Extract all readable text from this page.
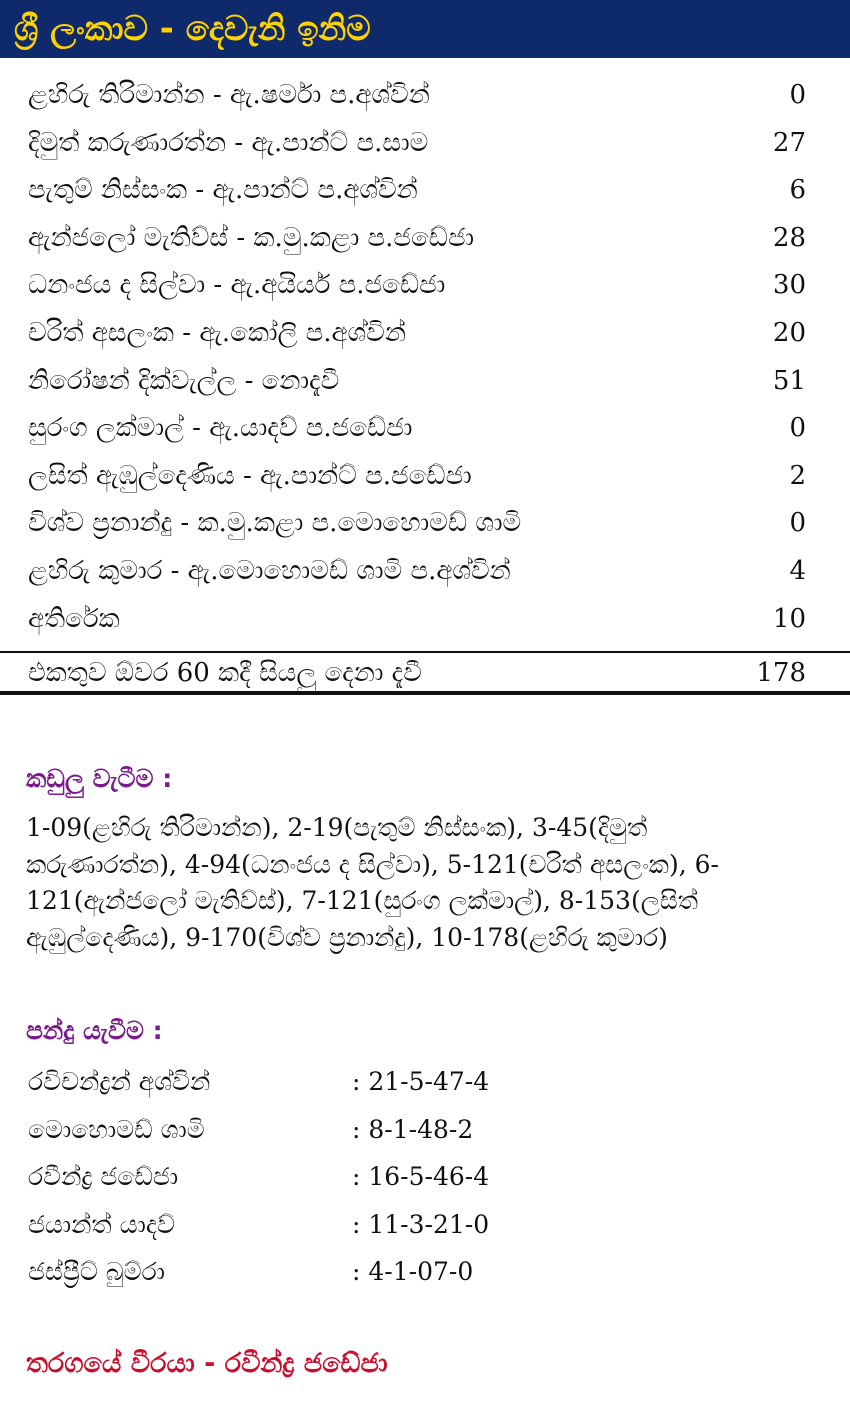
ශ්‍රී ලංකාව - දෙවැනි ඉනිම
ළහිරු තිරිමාන්න - ඇ.ෂර්මා ප.අශ්වින්	0
දිමුත් කරුණාරත්න - ඇ.පාන්ට් ප.සාම	27
පැතුම් නිස්සංක - ඇ.පාන්ට් ප.අශ්වින්	6
ඇන්ජලෝ මැතිව්ස් - ක.මු.කළා ප.ජඩේජා	28
ධනංජය ද සිල්වා - ඇ.අයියර් ප.ජඩේජා	30
චරිත් අසලංක - ඇ.කෝලි ප.අශ්වින්	20
නිරෝෂන් දික්වැල්ල - නොදැවී	51
සුරංග ලක්මාල් - ඇ.යාදව් ප.ජඩේජා	0
ලසිත් ඇඹුල්දෙණිය - ඇ.පාන්ට් ප.ජඩේජා	2
විශ්ව ප්‍රනාන්දු - ක.මු.කළා ප.මොහොමඩ් ශාමි	0
ළහිරු කුමාර - ඇ.මොහොමඩ් ශාමි ප.අශ්වින්	4
අතිරේක	10
එකතුව ඕවර 60 කදී සියලු දෙනා දැවී	178
කඩුලු වැටීම :
1-09(ළහිරු තිරිමාන්න), 2-19(පැතුම් නිස්සංක), 3-45(දිමුත්
කරුණාරත්න), 4-94(ධනංජය ද සිල්වා), 5-121(චරිත් අසලංක), 6-
121(ඇන්ජලෝ මැතිව්ස්), 7-121(සුරංග ලක්මාල්), 8-153(ලසිත්
ඇඹුල්දෙණිය), 9-170(විශ්ව ප්‍රනාන්දු), 10-178(ළහිරු කුමාර)
පන්දු යැවීම :
රවිචන්ද්‍රන් අශ්වින්	: 21-5-47-4
මොහොමඩ් ශාමි	: 8-1-48-2
රවීන්ද්‍ර ජඩේජා	: 16-5-46-4
ජයාන්ත් යාදව්	: 11-3-21-0
ජස්ප්‍රීට් බුම්රා	: 4-1-07-0
තරගයේ වීරයා - රවීන්ද්‍ර ජඩේජා
